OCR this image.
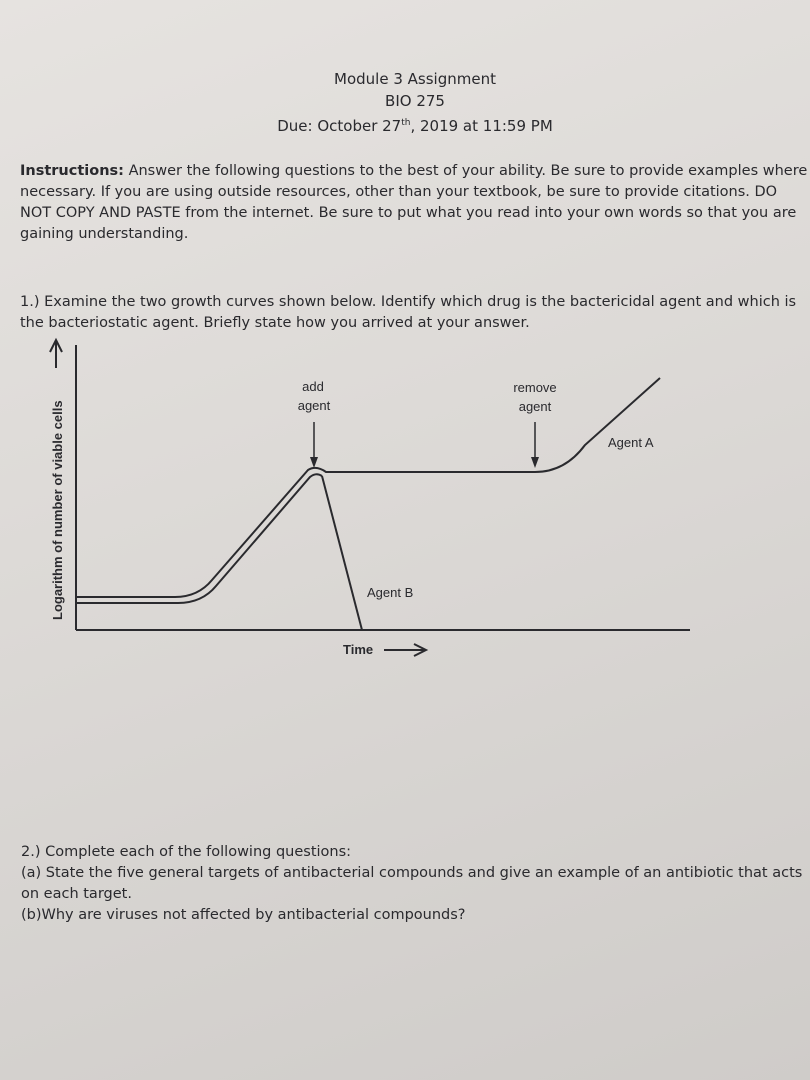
Module 3 Assignment
BIO 275
Due: October 27th, 2019 at 11:59 PM
Instructions: Answer the following questions to the best of your ability. Be sure to provide examples where necessary. If you are using outside resources, other than your textbook, be sure to provide citations. DO NOT COPY AND PASTE from the internet. Be sure to put what you read into your own words so that you are gaining understanding.
1.) Examine the two growth curves shown below. Identify which drug is the bactericidal agent and which is the bacteriostatic agent. Briefly state how you arrived at your answer.
Logarithm of number of viable cells
add
agent
remove
agent
Agent A
Agent B
Time
2.) Complete each of the following questions:
(a) State the five general targets of antibacterial compounds and give an example of an antibiotic that acts on each target.
(b)Why are viruses not affected by antibacterial compounds?
